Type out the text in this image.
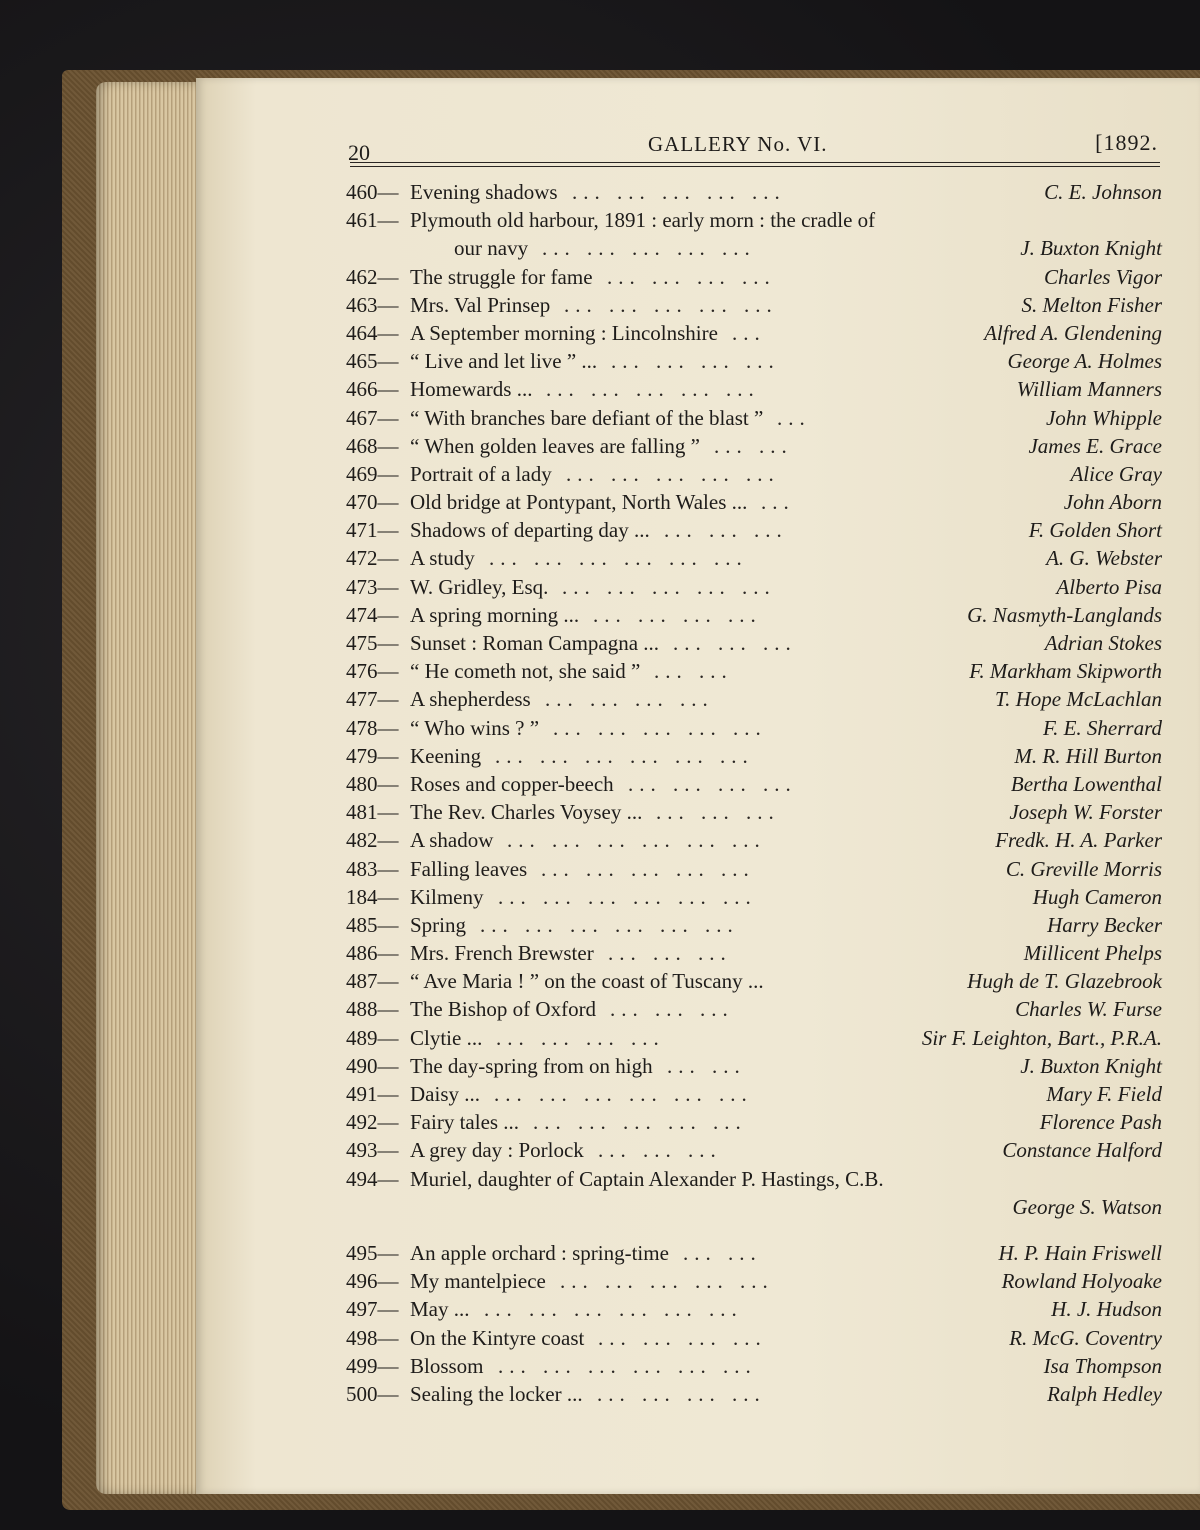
20	GALLERY No. VI.	[1892.
460— Evening shadows ... ... ... ... ...	C. E. Johnson
461— Plymouth old harbour, 1891 : early morn : the cradle of
our navy ... ... ... ... ...	J. Buxton Knight
462— The struggle for fame ... ... ... ...	Charles Vigor
463— Mrs. Val Prinsep ... ... ... ... ...	S. Melton Fisher
464— A September morning : Lincolnshire ...	Alfred A. Glendening
465— “ Live and let live ” ... ... ... ... ...	George A. Holmes
466— Homewards ... ... ... ... ... ...	William Manners
467— “ With branches bare defiant of the blast ” ...	John Whipple
468— “ When golden leaves are falling ” ... ...	James E. Grace
469— Portrait of a lady ... ... ... ... ...	Alice Gray
470— Old bridge at Pontypant, North Wales ... ...	John Aborn
471— Shadows of departing day ... ... ... ...	F. Golden Short
472— A study ... ... ... ... ... ...	A. G. Webster
473— W. Gridley, Esq. ... ... ... ... ...	Alberto Pisa
474— A spring morning ... ... ... ... ...	G. Nasmyth-Langlands
475— Sunset : Roman Campagna ... ... ... ...	Adrian Stokes
476— “ He cometh not, she said ” ... ...	F. Markham Skipworth
477— A shepherdess ... ... ... ...	T. Hope McLachlan
478— “ Who wins ? ” ... ... ... ... ...	F. E. Sherrard
479— Keening ... ... ... ... ... ...	M. R. Hill Burton
480— Roses and copper-beech ... ... ... ...	Bertha Lowenthal
481— The Rev. Charles Voysey ... ... ... ...	Joseph W. Forster
482— A shadow ... ... ... ... ... ...	Fredk. H. A. Parker
483— Falling leaves ... ... ... ... ...	C. Greville Morris
184— Kilmeny ... ... ... ... ... ...	Hugh Cameron
485— Spring ... ... ... ... ... ...	Harry Becker
486— Mrs. French Brewster ... ... ...	Millicent Phelps
487— “ Ave Maria ! ” on the coast of Tuscany ...	Hugh de T. Glazebrook
488— The Bishop of Oxford ... ... ...	Charles W. Furse
489— Clytie ... ... ... ... ...	Sir F. Leighton, Bart., P.R.A.
490— The day-spring from on high ... ...	J. Buxton Knight
491— Daisy ... ... ... ... ... ... ...	Mary F. Field
492— Fairy tales ... ... ... ... ... ...	Florence Pash
493— A grey day : Porlock ... ... ...	Constance Halford
494— Muriel, daughter of Captain Alexander P. Hastings, C.B.
George S. Watson
495— An apple orchard : spring-time ... ...	H. P. Hain Friswell
496— My mantelpiece ... ... ... ... ...	Rowland Holyoake
497— May ... ... ... ... ... ... ...	H. J. Hudson
498— On the Kintyre coast ... ... ... ...	R. McG. Coventry
499— Blossom ... ... ... ... ... ...	Isa Thompson
500— Sealing the locker ... ... ... ... ...	Ralph Hedley
